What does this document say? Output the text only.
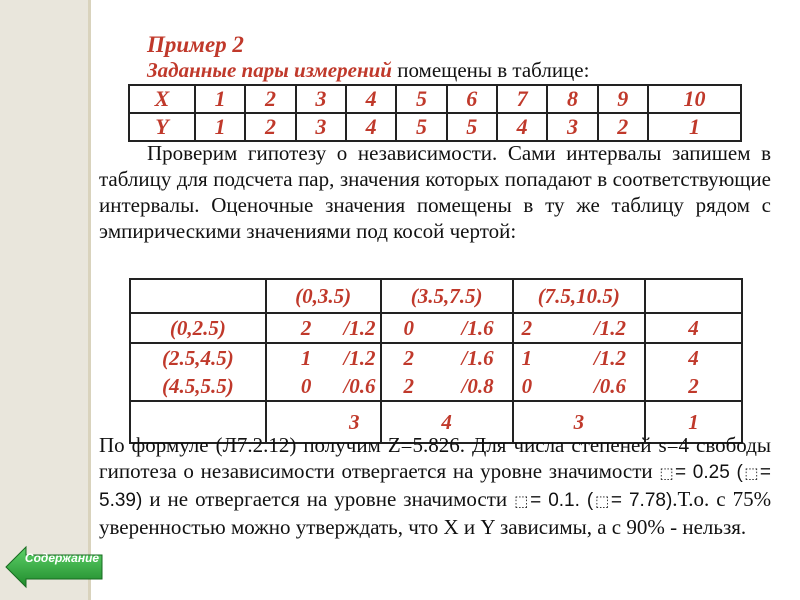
Пример 2
Заданные пары измерений помещены в таблице:
X	1	2	3	4	5	6	7	8	9	10
Y	1	2	3	4	5	5	4	3	2	1
Проверим гипотезу о независимости. Сами интервалы запишем в таблицу для подсчета пар, значения которых попадают в соответствующие интервалы. Оценочные значения помещены в ту же таблицу рядом с эмпирическими значениями под косой чертой:
	(0,3.5)	(3.5,7.5)	(7.5,10.5)	

(0,2.5)	2 /1.2	0 /1.6	2 /1.2	4

(2.5,4.5)	1 /1.2	2 /1.6	1 /1.2	4

(4.5,5.5)	0 /0.6	2 /0.8	0 /0.6	2
	3	4	3	1
По формуле (Л7.2.12) получим Z=5.826. Для числа степеней s=4 свободы гипотеза о независимости отвергается на уровне значимости ⬚= 0.25 (⬚= 5.39) и не отвергается на уровне значимости ⬚= 0.1. (⬚= 7.78).Т.о. с 75% уверенностью можно утверждать, что X и Y зависимы, а с 90% - нельзя.
Содержание
